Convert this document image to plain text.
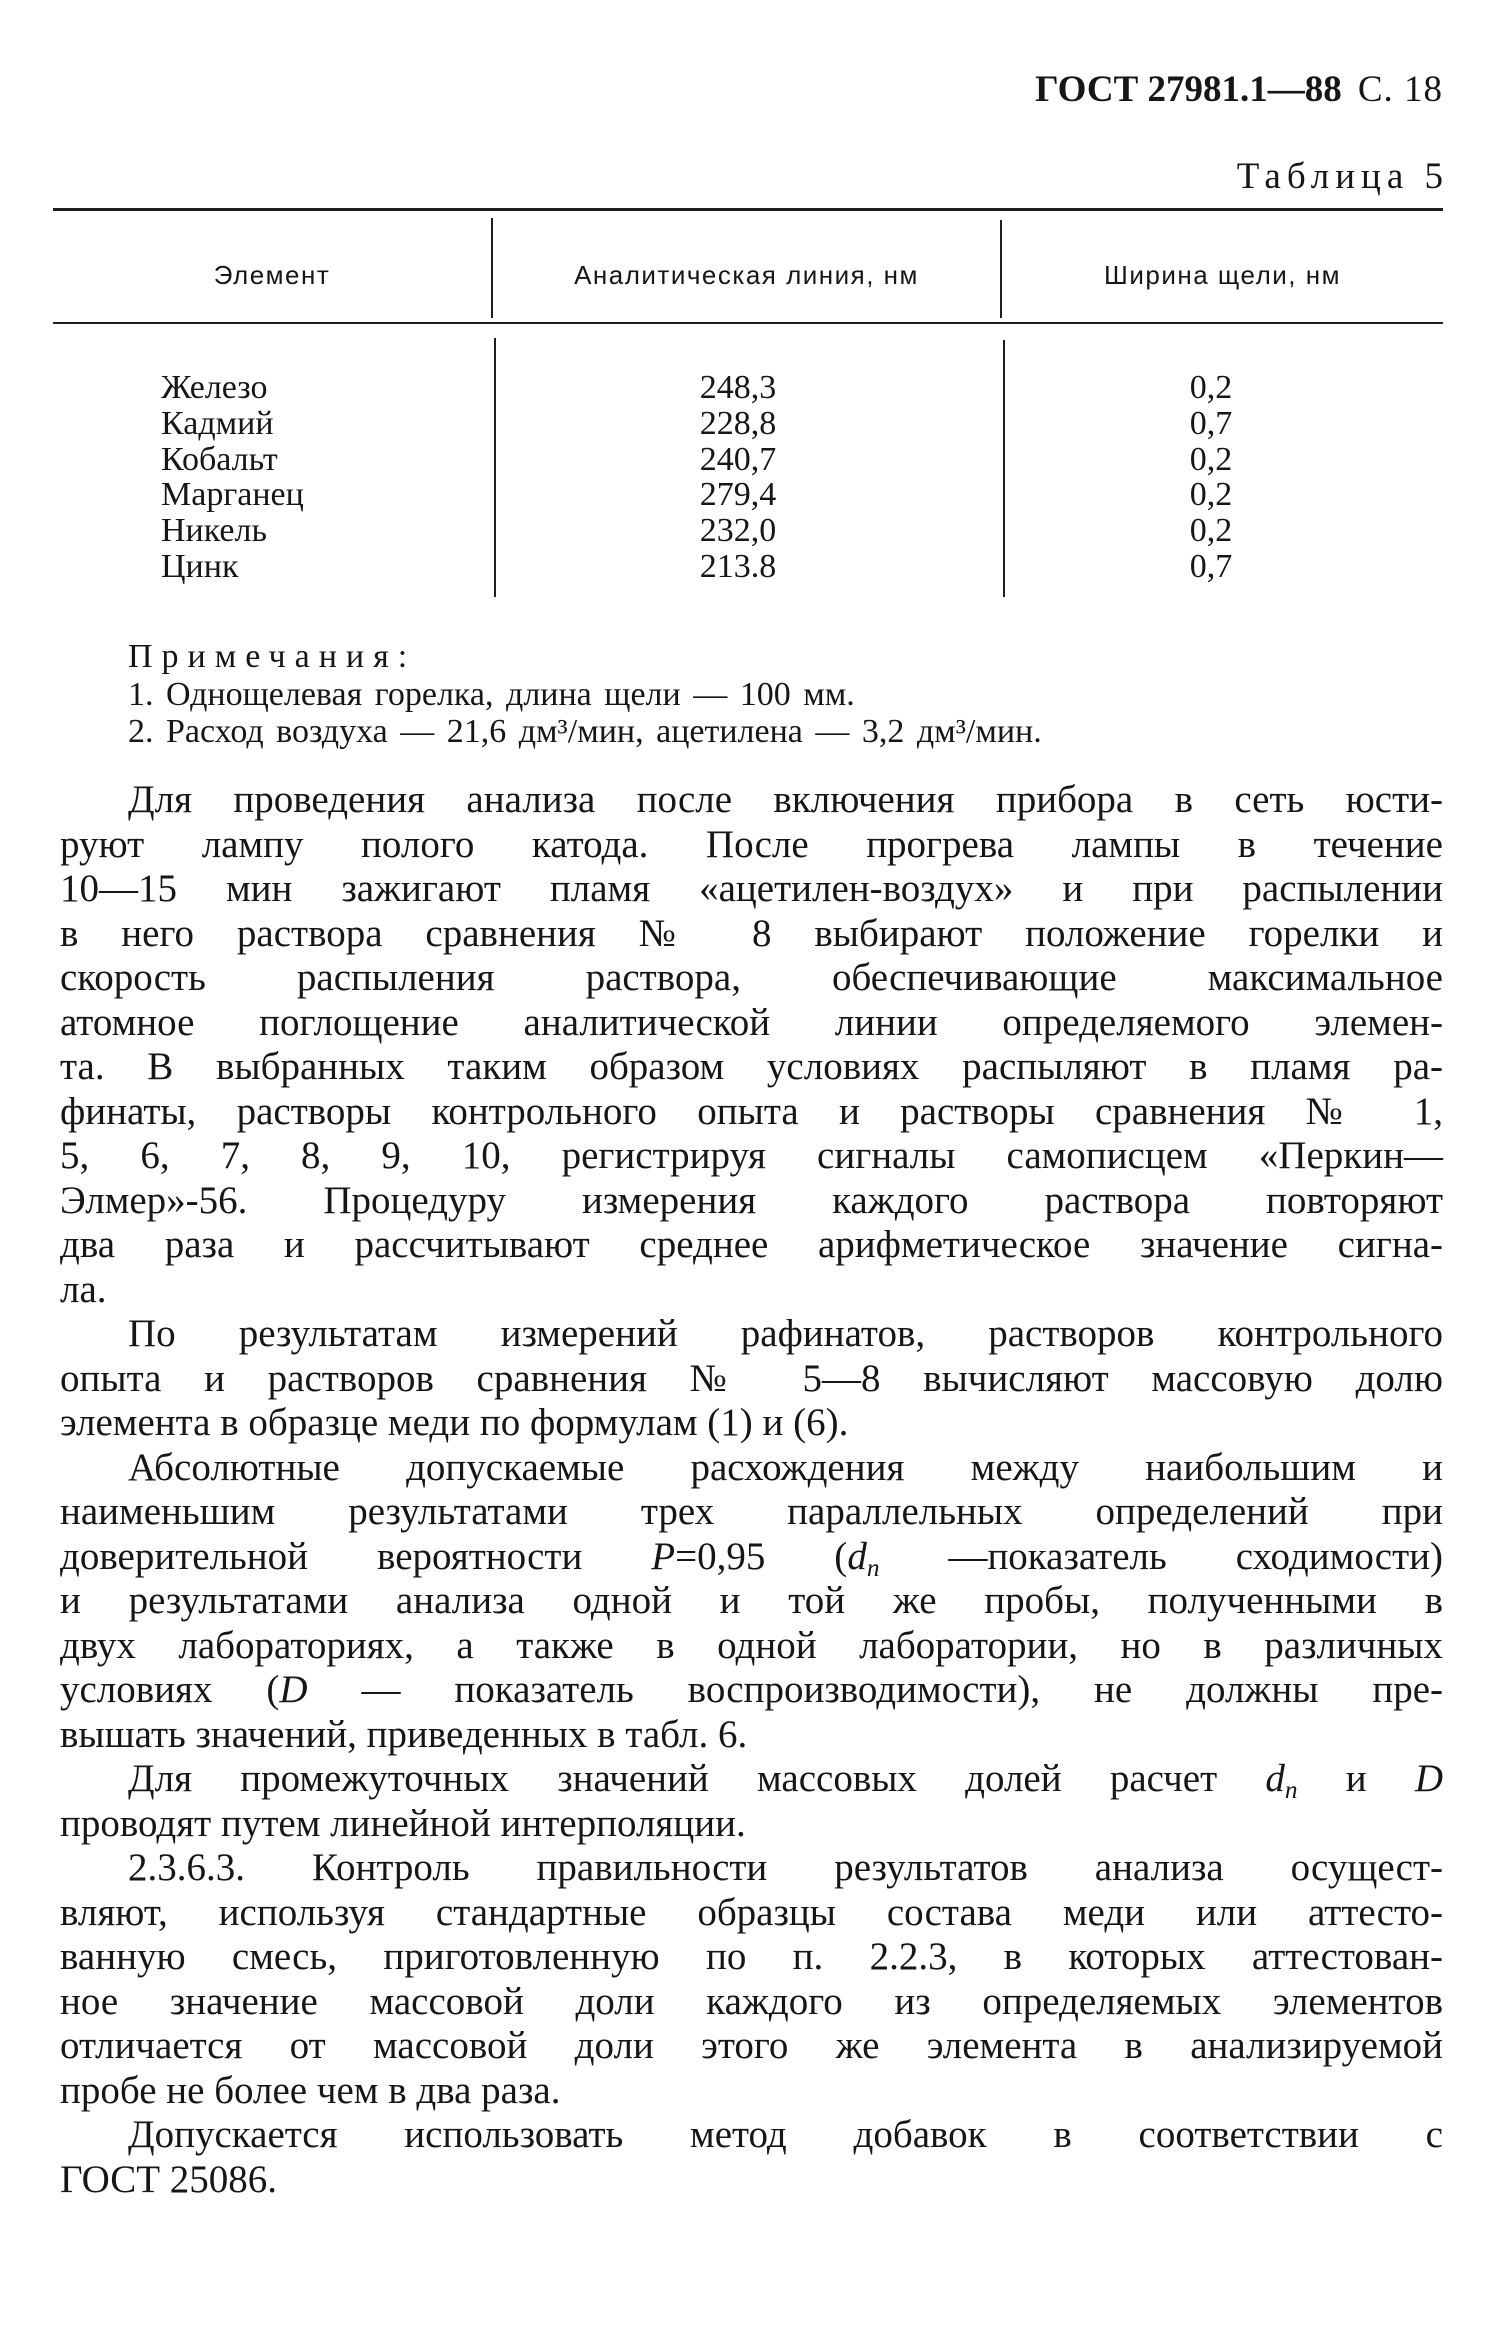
ГОСТ 27981.1—88 С. 18
Таблица 5
Элемент	Аналитическая линия, нм	Ширина щели, нм
Железо	248,3	0,2
Кадмий	228,8	0,7
Кобальт	240,7	0,2
Марганец	279,4	0,2
Никель	232,0	0,2
Цинк	213.8	0,7
Примечания:
1. Однощелевая горелка, длина щели — 100 мм.
2. Расход воздуха — 21,6 дм³/мин, ацетилена — 3,2 дм³/мин.
Для проведения анализа после включения прибора в сеть юсти-
руют лампу полого катода. После прогрева лампы в течение
10—15 мин зажигают пламя «ацетилен-воздух» и при распылении
в него раствора сравнения № 8 выбирают положение горелки и
скорость распыления раствора, обеспечивающие максимальное
атомное поглощение аналитической линии определяемого элемен-
та. В выбранных таким образом условиях распыляют в пламя ра-
финаты, растворы контрольного опыта и растворы сравнения № 1,
5, 6, 7, 8, 9, 10, регистрируя сигналы самописцем «Перкин—
Элмер»-56. Процедуру измерения каждого раствора повторяют
два раза и рассчитывают среднее арифметическое значение сигна-
ла.
По результатам измерений рафинатов, растворов контрольного
опыта и растворов сравнения № 5—8 вычисляют массовую долю
элемента в образце меди по формулам (1) и (6).
Абсолютные допускаемые расхождения между наибольшим и
наименьшим результатами трех параллельных определений при
доверительной вероятности P=0,95 ($d_n$ —показатель сходимости)
и результатами анализа одной и той же пробы, полученными в
двух лабораториях, а также в одной лаборатории, но в различных
условиях (D — показатель воспроизводимости), не должны пре-
вышать значений, приведенных в табл. 6.
Для промежуточных значений массовых долей расчет $d_n$ и D
проводят путем линейной интерполяции.
2.3.6.3. Контроль правильности результатов анализа осущест-
вляют, используя стандартные образцы состава меди или аттесто-
ванную смесь, приготовленную по п. 2.2.3, в которых аттестован-
ное значение массовой доли каждого из определяемых элементов
отличается от массовой доли этого же элемента в анализируемой
пробе не более чем в два раза.
Допускается использовать метод добавок в соответствии с
ГОСТ 25086.
